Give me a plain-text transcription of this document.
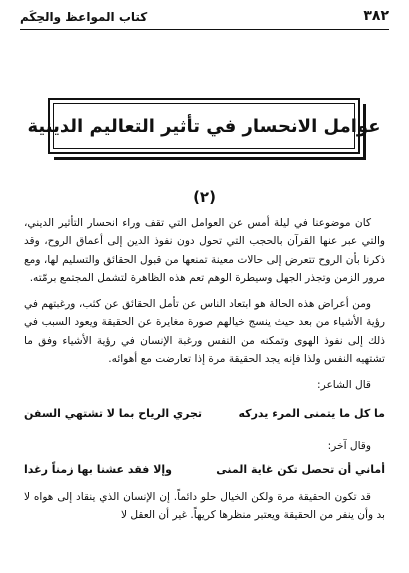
كتاب المواعظ والحِكَم	٣٨٢
عوامل الانحسار في تأثير التعاليم الدينية
(٢)

كان موضوعنا في ليلة أمس عن العوامل التي تقف وراء انحسار التأثير الديني، والتي عبر عنها القرآن بالحجب التي تحول دون نفوذ الدين إلى أعماق الروح، وقد ذكرنا بأن الروح تتعرض إلى حالات معينة تمنعها من قبول الحقائق والتسليم لها، ومع مرور الزمن وتجذر الجهل وسيطرة الوهم تعم هذه الظاهرة لتشمل المجتمع برمّته.

ومن أعراض هذه الحالة هو ابتعاد الناس عن تأمل الحقائق عن كثب، ورغبتهم في رؤية الأشياء من بعد حيث ينسج خيالهم صورة مغايرة عن الحقيقة ويعود السبب في ذلك إلى نفوذ الهوى وتمكنه من النفس ورغبة الإنسان في رؤية الأشياء وفق ما تشتهيه النفس ولذا فإنه يجد الحقيقة مرة إذا تعارضت مع أهوائه.

قال الشاعر:

ما كل ما يتمنى المرء يدركه
تجري الرياح بما لا تشتهي السفن

وقال آخر:

أماني أن تحصل تكن غاية المنى
وإلا فقد عشنا بها زمناً رغدا

قد تكون الحقيقة مرة ولكن الخيال حلو دائماً. إن الإنسان الذي ينقاد إلى هواه لا بد وأن ينفر من الحقيقة ويعتبر منظرها كريهاً. غير أن العقل لا
